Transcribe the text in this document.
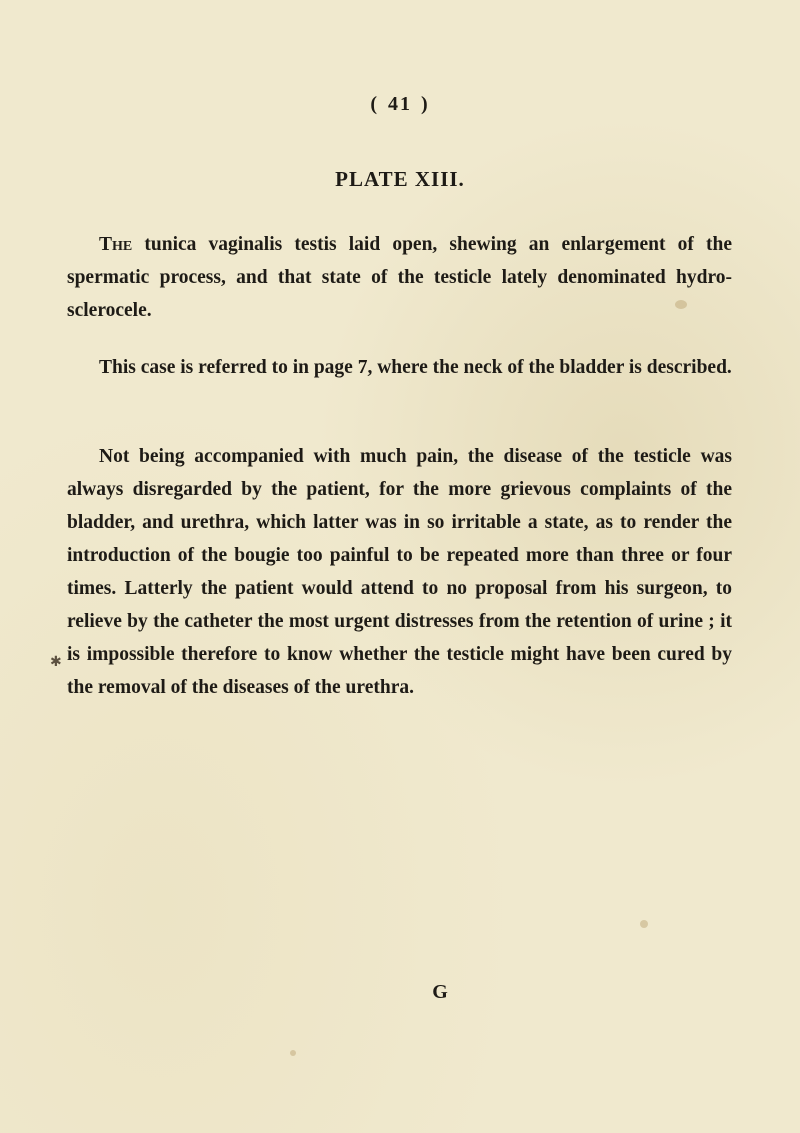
( 41 )
PLATE XIII.

The tunica vaginalis testis laid open, shewing an enlargement of the spermatic process, and that state of the testicle lately denominated hydro-sclerocele.

This case is referred to in page 7, where the neck of the bladder is described.

Not being accompanied with much pain, the disease of the testicle was always disregarded by the patient, for the more grievous complaints of the bladder, and urethra, which latter was in so irritable a state, as to render the introduction of the bougie too painful to be repeated more than three or four times. Latterly the patient would attend to no proposal from his surgeon, to relieve by the catheter the most urgent distresses from the retention of urine ; it is impossible therefore to know whether the testicle might have been cured by the removal of the diseases of the urethra.

✱
G
